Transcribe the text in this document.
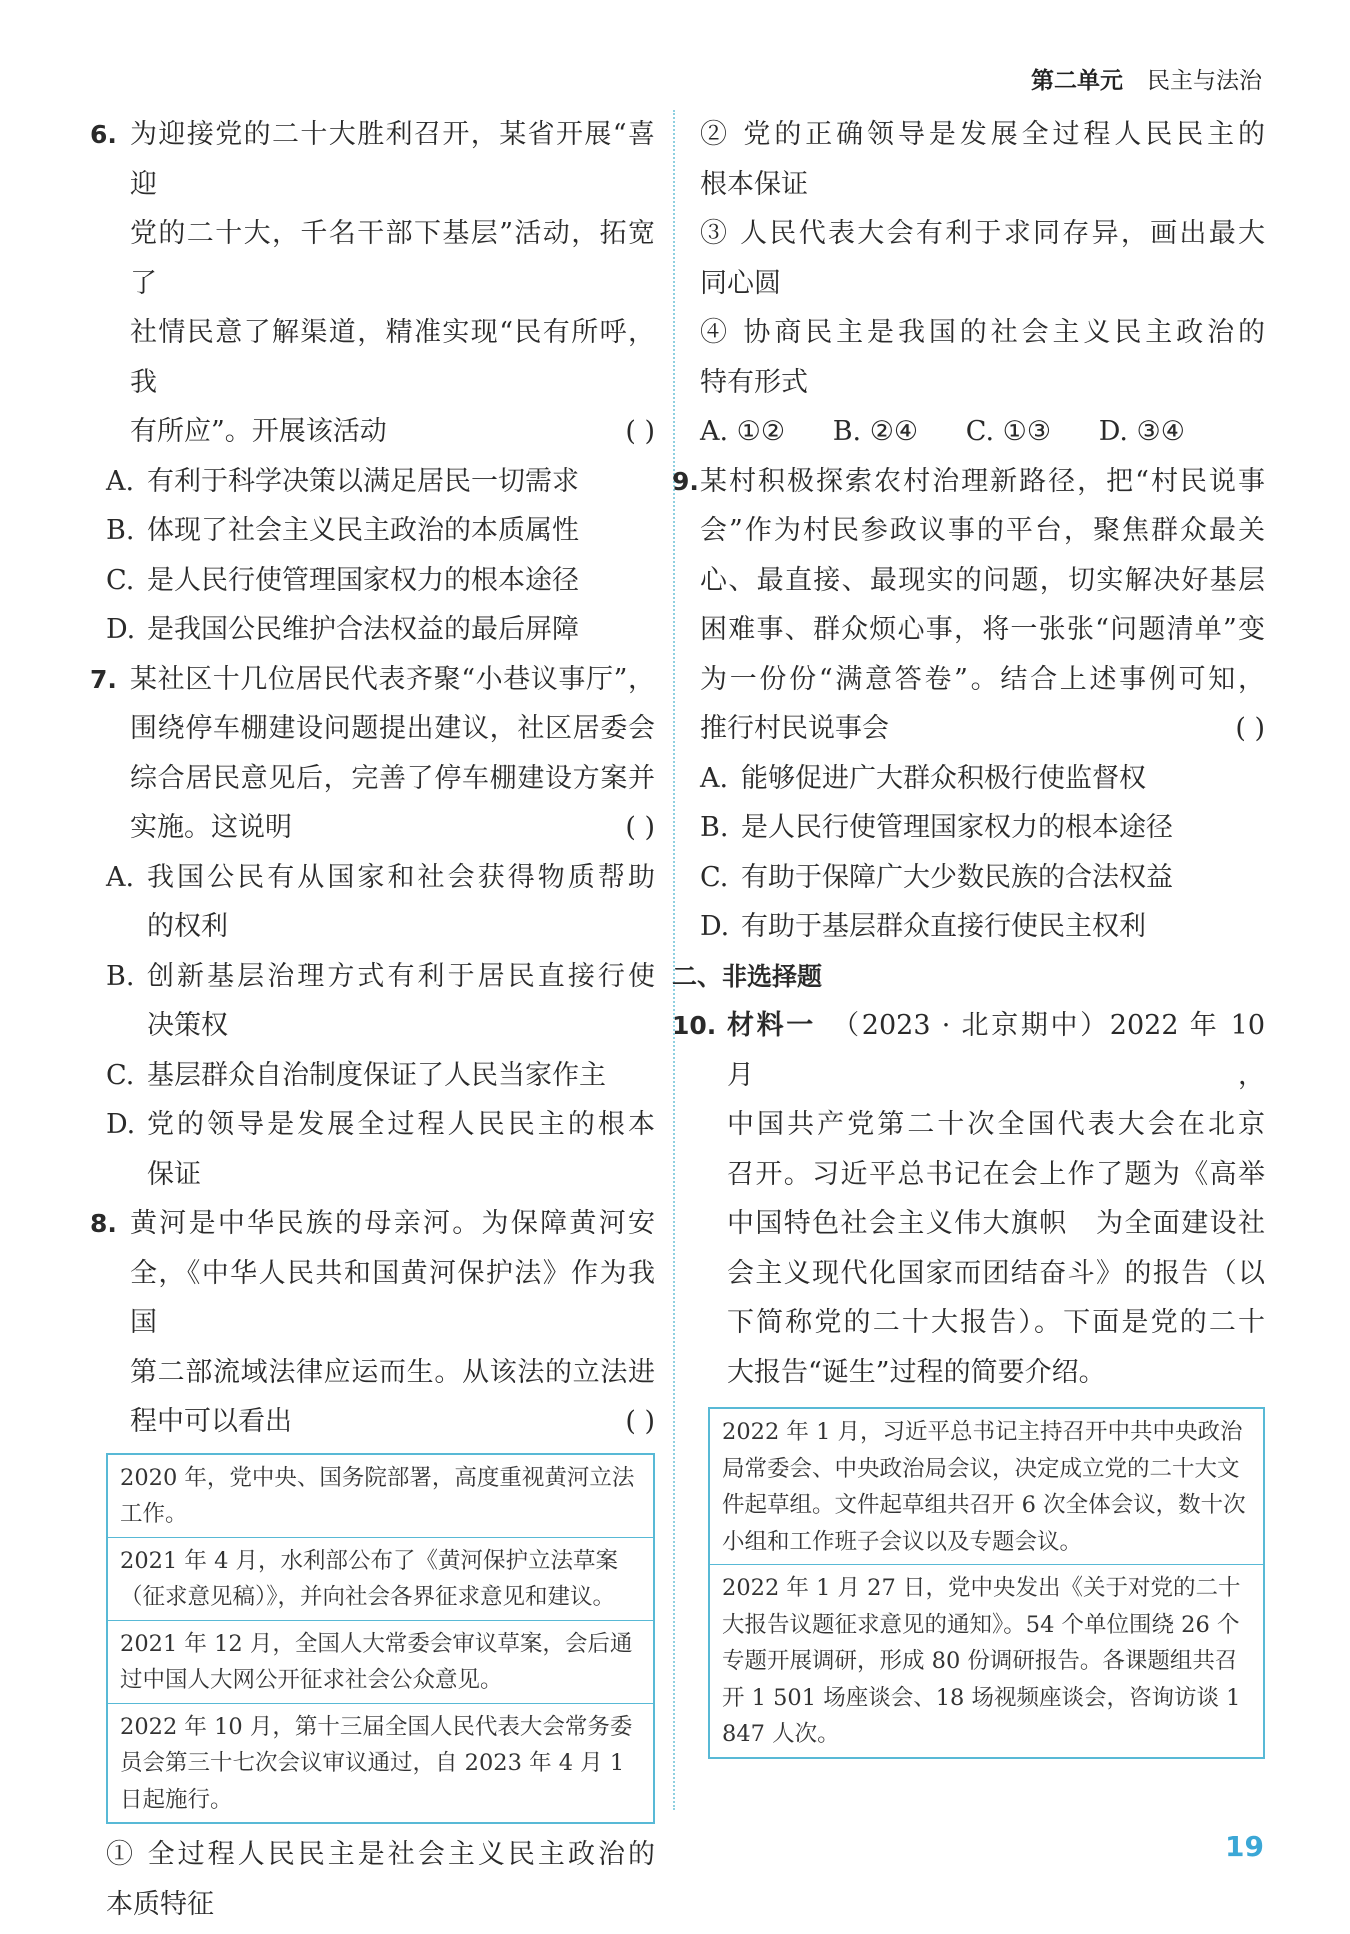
第二单元 民主与法治
6. 为迎接党的二十大胜利召开，某省开展“喜迎
党的二十大，千名干部下基层”活动，拓宽了
社情民意了解渠道，精准实现“民有所呼，我
有所应”。开展该活动	( )
A. 有利于科学决策以满足居民一切需求
B. 体现了社会主义民主政治的本质属性
C. 是人民行使管理国家权力的根本途径
D. 是我国公民维护合法权益的最后屏障
7. 某社区十几位居民代表齐聚“小巷议事厅”，
围绕停车棚建设问题提出建议，社区居委会
综合居民意见后，完善了停车棚建设方案并
实施。这说明	( )
A. 我国公民有从国家和社会获得物质帮助
的权利
B. 创新基层治理方式有利于居民直接行使
决策权
C. 基层群众自治制度保证了人民当家作主
D. 党的领导是发展全过程人民民主的根本
保证
8. 黄河是中华民族的母亲河。为保障黄河安
全，《中华人民共和国黄河保护法》作为我国
第二部流域法律应运而生。从该法的立法进
程中可以看出	( )
2020 年，党中央、国务院部署，高度重视黄河立法工作。
2021 年 4 月，水利部公布了《黄河保护立法草案（征求意见稿）》，并向社会各界征求意见和建议。
2021 年 12 月，全国人大常委会审议草案，会后通过中国人大网公开征求社会公众意见。
2022 年 10 月，第十三届全国人民代表大会常务委员会第三十七次会议审议通过，自 2023 年 4 月 1 日起施行。
① 全过程人民民主是社会主义民主政治的
本质特征
② 党的正确领导是发展全过程人民民主的
根本保证
③ 人民代表大会有利于求同存异，画出最大
同心圆
④ 协商民主是我国的社会主义民主政治的
特有形式
A. ①② B. ②④ C. ①③ D. ③④
9. 某村积极探索农村治理新路径，把“村民说事
会”作为村民参政议事的平台，聚焦群众最关
心、最直接、最现实的问题，切实解决好基层
困难事、群众烦心事，将一张张“问题清单”变
为一份份“满意答卷”。结合上述事例可知，
推行村民说事会	( )
A. 能够促进广大群众积极行使监督权
B. 是人民行使管理国家权力的根本途径
C. 有助于保障广大少数民族的合法权益
D. 有助于基层群众直接行使民主权利
二、非选择题
10. 材料一　 （2023 · 北京期中）2022 年 10 月，
中国共产党第二十次全国代表大会在北京
召开。习近平总书记在会上作了题为《高举
中国特色社会主义伟大旗帜　为全面建设社
会主义现代化国家而团结奋斗》的报告（以
下简称党的二十大报告）。下面是党的二十
大报告“诞生”过程的简要介绍。
2022 年 1 月，习近平总书记主持召开中共中央政治局常委会、中央政治局会议，决定成立党的二十大文件起草组。文件起草组共召开 6 次全体会议，数十次小组和工作班子会议以及专题会议。
2022 年 1 月 27 日，党中央发出《关于对党的二十大报告议题征求意见的通知》。54 个单位围绕 26 个专题开展调研，形成 80 份调研报告。各课题组共召开 1 501 场座谈会、18 场视频座谈会，咨询访谈 1 847 人次。
19
